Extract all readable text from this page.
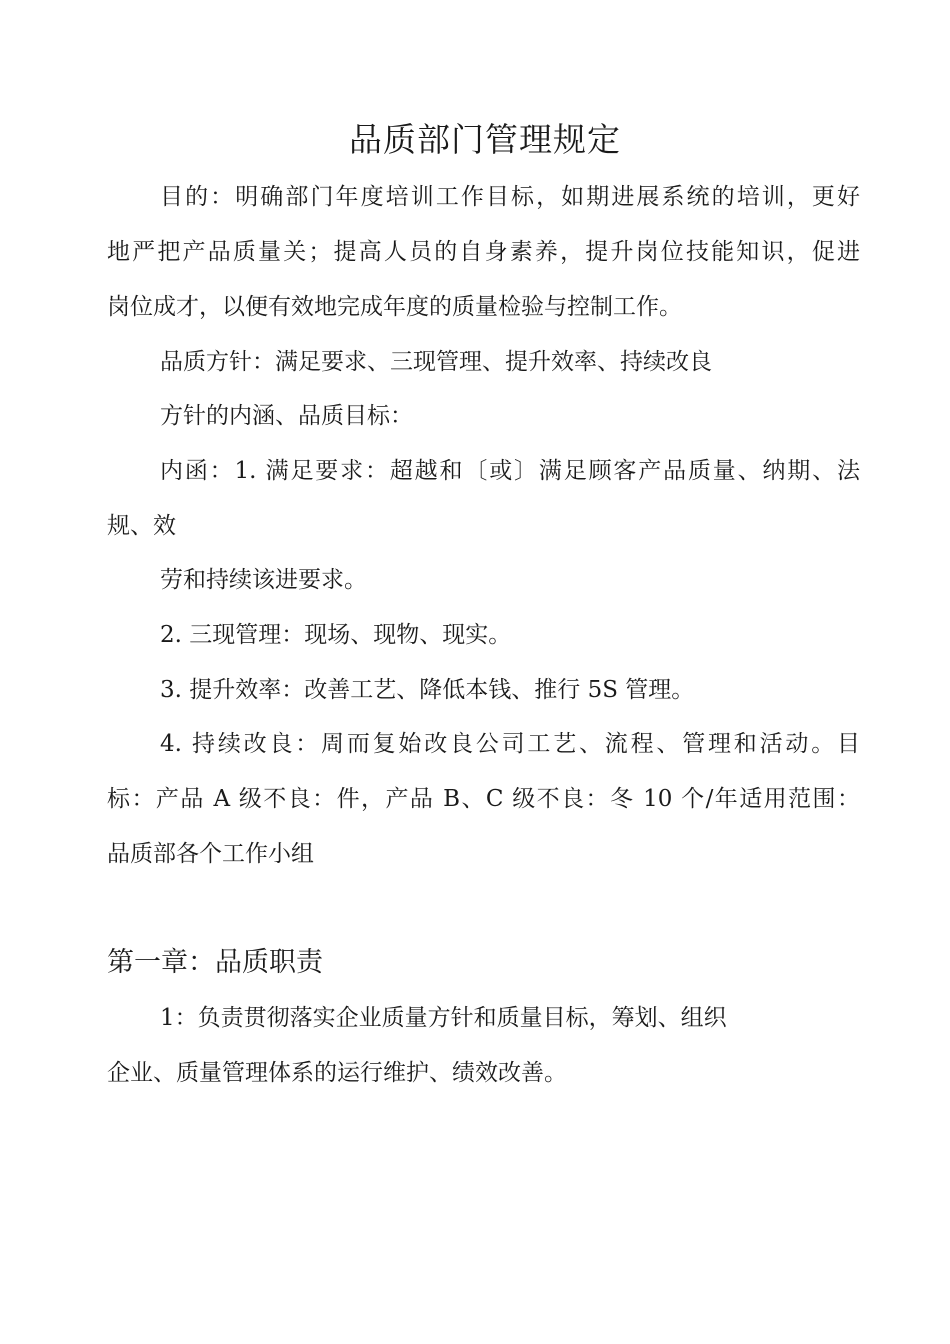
品质部门管理规定
目的：明确部门年度培训工作目标，如期进展系统的培训，更好
地严把产品质量关；提高人员的自身素养，提升岗位技能知识，促进
岗位成才，以便有效地完成年度的质量检验与控制工作。
品质方针：满足要求、三现管理、提升效率、持续改良
方针的内涵、品质目标：
内函：1. 满足要求：超越和〔或〕满足顾客产品质量、纳期、法
规、效
劳和持续该进要求。
2. 三现管理：现场、现物、现实。
3. 提升效率：改善工艺、降低本钱、推行 5S 管理。
4. 持续改良：周而复始改良公司工艺、流程、管理和活动。目
标：产品 A 级不良：件，产品 B、C 级不良：冬 10 个/年适用范围：
品质部各个工作小组
第一章：品质职责
1：负责贯彻落实企业质量方针和质量目标，筹划、组织
企业、质量管理体系的运行维护、绩效改善。
